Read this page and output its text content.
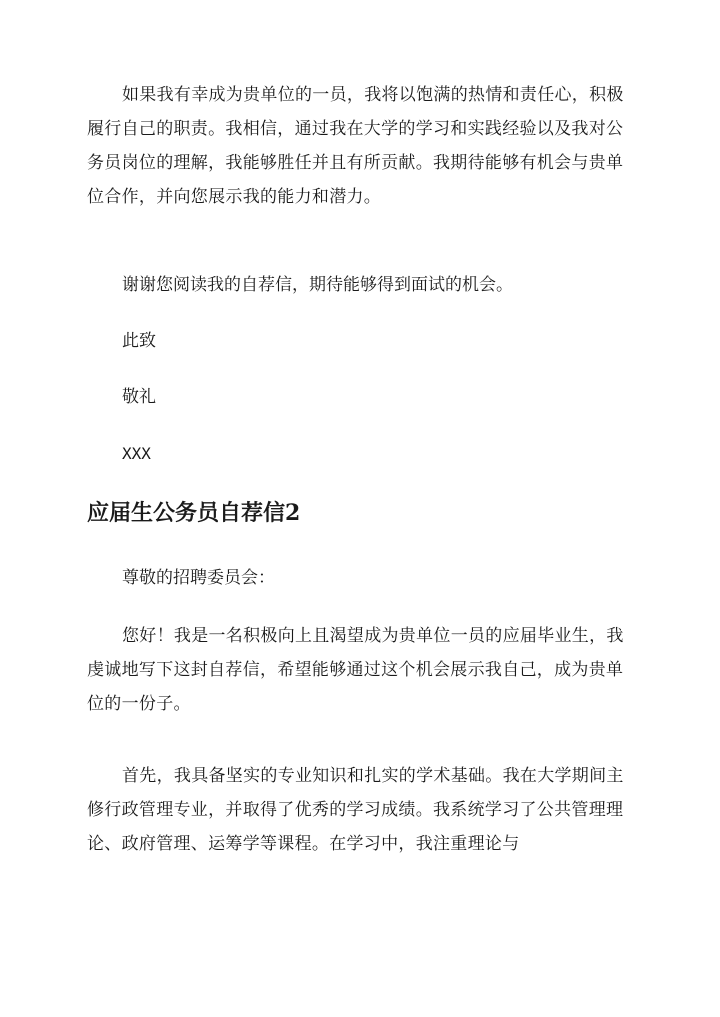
如果我有幸成为贵单位的一员，我将以饱满的热情和责任心，积极履行自己的职责。我相信，通过我在大学的学习和实践经验以及我对公务员岗位的理解，我能够胜任并且有所贡献。我期待能够有机会与贵单位合作，并向您展示我的能力和潜力。

谢谢您阅读我的自荐信，期待能够得到面试的机会。
此致
敬礼
XXX
应届生公务员自荐信2
尊敬的招聘委员会：

您好！我是一名积极向上且渴望成为贵单位一员的应届毕业生，我虔诚地写下这封自荐信，希望能够通过这个机会展示我自己，成为贵单位的一份子。

首先，我具备坚实的专业知识和扎实的学术基础。我在大学期间主修行政管理专业，并取得了优秀的学习成绩。我系统学习了公共管理理论、政府管理、运筹学等课程。在学习中，我注重理论与
